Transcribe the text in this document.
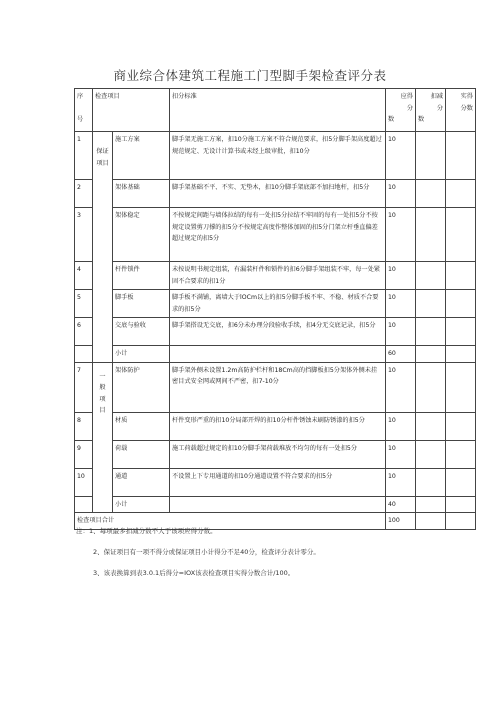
商业综合体建筑工程施工门型脚手架检查评分表
序

号	检查项目		扣分标准	应得
分
数	扣减
分
数	实得
分数

1	保证
项目	施工方案	脚手架无施工方案，扣10分施工方案不符合规范要求，扣5分脚手架高度超过规范规定、无设计计算书或未经上级审批，扣10分	10		
2		架体基础	脚手架基础不平、不实、无垫木，扣10分脚手架底部不加扫地杆，扣5分	10		
3		架体稳定	不按规定间距与墙体拉结的每有一处扣5分拉结不牢固的每有一处扣5分不按规定设置剪刀撑的扣5分不按规定高度作整体加固的扣5分门架立杆垂直偏差超过规定的扣5分	10		
4		杆件锁件	未按说明书规定组装，有漏装杆件和锁件的扣6分脚手架组装不牢，每一处紧固不合要求的扣1分	10		
5		脚手板	脚手板不满铺，离墙大于lOCm以上的扣5分脚手板不牢、不稳、材质不合要求的扣5分	10		
6		交底与验收	脚手架搭设无交底，扣6分未办理分段验收手续，扣4分无交底记录，扣5分	10		
		小计		60		
7	一
般
项
目	架体防护	脚手架外侧未设置1.2m高防护栏杆和18Cm高的挡脚板扣5分架体外侧未挂密目式安全网或网间不严密，扣7-10分	10		
8		材质	杆件变形严重的扣10分局部开焊的扣10分杆件锈蚀未刷防锈漆的扣5分	10		
9		荷载	施工荷载超过规定的扣10分脚手架荷载堆放不均匀的每有一处扣5分	10		
10		通道	不设置上下专用通道的扣10分通道设置不符合要求的扣5分	10		
		小计		40		
检查项目合计				100		

注：1、每项最多扣减分数不大于该项应得分数。

2、保证项目有一项不得分或保证项目小计得分不足40分，检查评分表计零分。

3、该表换算到表3.0.1后得分=IOX该表检查项目实得分数合计/100。
